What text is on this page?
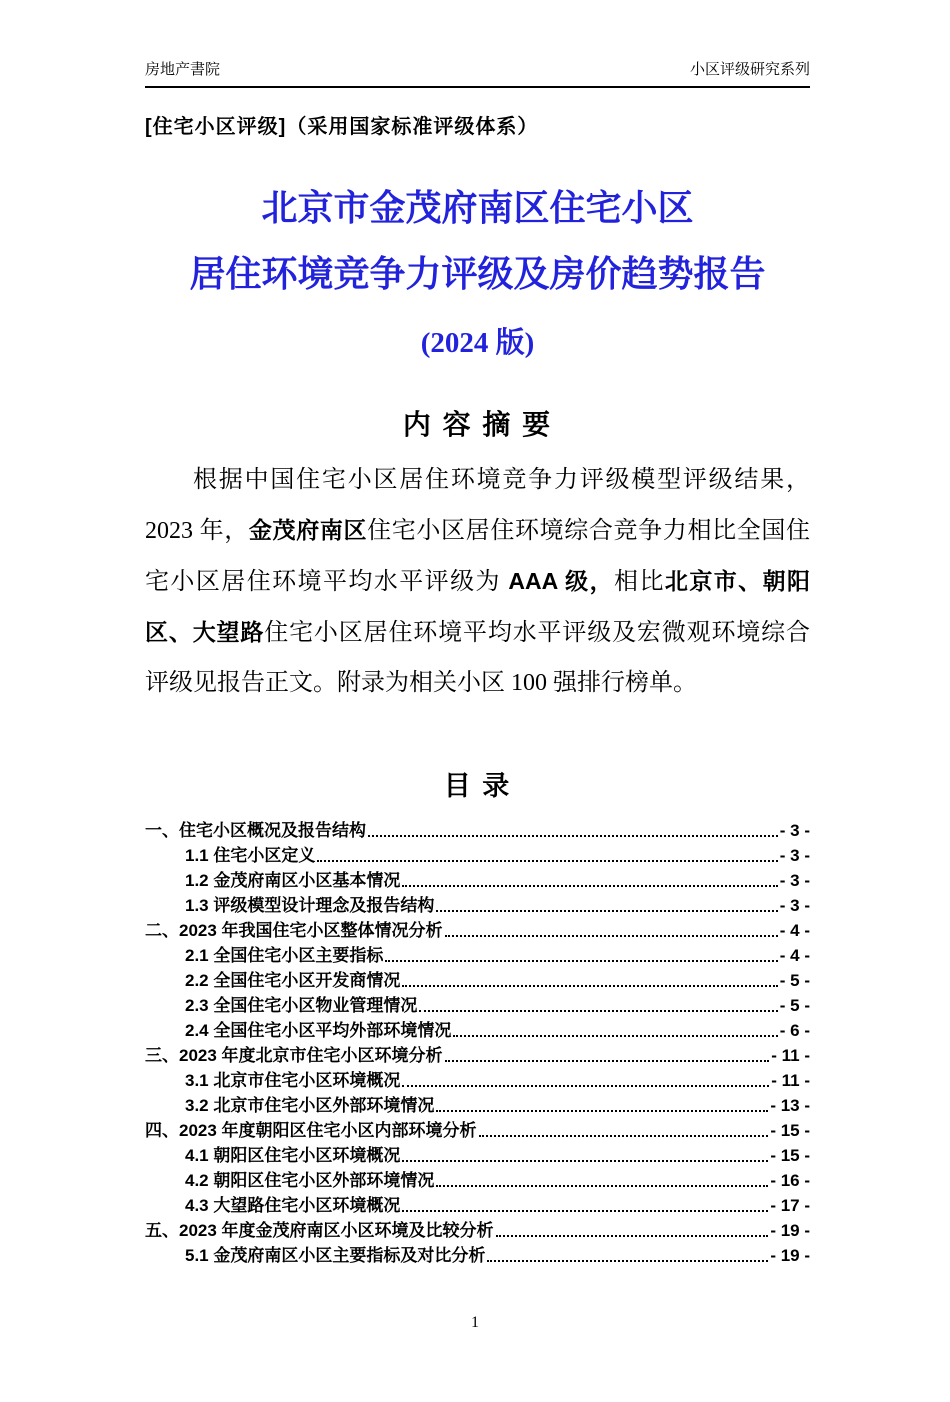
房地产書院	小区评级研究系列
[住宅小区评级]（采用国家标准评级体系）
北京市金茂府南区住宅小区
居住环境竞争力评级及房价趋势报告
(2024 版)
内 容 摘 要
根据中国住宅小区居住环境竞争力评级模型评级结果，2023 年，金茂府南区住宅小区居住环境综合竞争力相比全国住宅小区居住环境平均水平评级为 AAA 级，相比北京市、朝阳区、大望路住宅小区居住环境平均水平评级及宏微观环境综合评级见报告正文。附录为相关小区 100 强排行榜单。
目 录
一、住宅小区概况及报告结构	- 3 -
1.1 住宅小区定义	- 3 -
1.2 金茂府南区小区基本情况	- 3 -
1.3 评级模型设计理念及报告结构	- 3 -
二、2023 年我国住宅小区整体情况分析	- 4 -
2.1 全国住宅小区主要指标	- 4 -
2.2 全国住宅小区开发商情况	- 5 -
2.3 全国住宅小区物业管理情况	- 5 -
2.4 全国住宅小区平均外部环境情况	- 6 -
三、2023 年度北京市住宅小区环境分析	- 11 -
3.1 北京市住宅小区环境概况	- 11 -
3.2 北京市住宅小区外部环境情况	- 13 -
四、2023 年度朝阳区住宅小区内部环境分析	- 15 -
4.1 朝阳区住宅小区环境概况	- 15 -
4.2 朝阳区住宅小区外部环境情况	- 16 -
4.3 大望路住宅小区环境概况	- 17 -
五、2023 年度金茂府南区小区环境及比较分析	- 19 -
5.1 金茂府南区小区主要指标及对比分析	- 19 -
1
